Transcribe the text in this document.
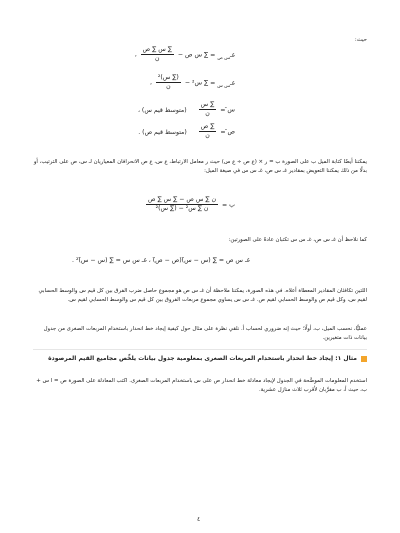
حيث:
غـ$_{س ص}$ = ∑ س ص −
$\frac{\text{∑ س ∑ ص}}{\text{ن}}$
،
غـ$_{س س}$ = ∑ س² −
$\frac{\text{(∑ س)²}}{\text{ن}}$
،
س̄ =
$\frac{\text{∑ س}}{\text{ن}}$
(متوسط قيم س) ،
ص̄ =
$\frac{\text{∑ ص}}{\text{ن}}$
(متوسط قيم ص) .
يمكننا أيضًا كتابة الميل ب على الصورة ب = ر × (ع ص ÷ ع س) حيث ر معامل الارتباط، ع س، ع ص الانحرافان المعياريان لـ س، ص على الترتيب، أو بدلًا من ذلك يمكننا التعويض بمقادير غـ س ص، غـ س س في صيغة الميل:
ب =
$\frac{\text{ن ∑ س ص − ∑ س ∑ ص}}{\text{ن ∑ س² − (∑ س)²}}$
كما نلاحظ أن غـ س ص، غـ س س تكتبان عادةً على الصورتين:
غـ س ص = ∑ (س − س̄)(ص − ص̄) ، غـ س س = ∑ (س − س̄)² .
اللتين تكافئان المقادير المعطاة أعلاه. في هذه الصورة، يمكننا ملاحظة أن غـ س ص هو مجموع حاصل ضرب الفرق بين كل قيم س والوسط الحسابي لقيم س، وكل قيم ص والوسط الحسابي لقيم ص. غـ س س يساوي مجموع مربعات الفروق بين كل قيم س والوسط الحسابي لقيم س.
عمليًّا، نحسب الميل، ب، أولًا؛ حيث إنه ضروري لحساب أ. نلقي نظرة على مثال حول كيفية إيجاد خط انحدار باستخدام المربعات الصغرى من جدول بيانات ذات متغيرين.
مثال ١: إيجاد خط انحدار باستخدام المربعات الصغرى بمعلومية جدول بيانات يلخِّص مجاميع القيم المرصودة
استخدم المعلومات الموضَّحة في الجدول لإيجاد معادلة خط انحدار ص على س باستخدام المربعات الصغرى. اكتب المعادلة على الصورة ص = ا س + ب، حيث أ، ب مقرَّبان لأقرب ثلاث منازل عشرية.
٤
